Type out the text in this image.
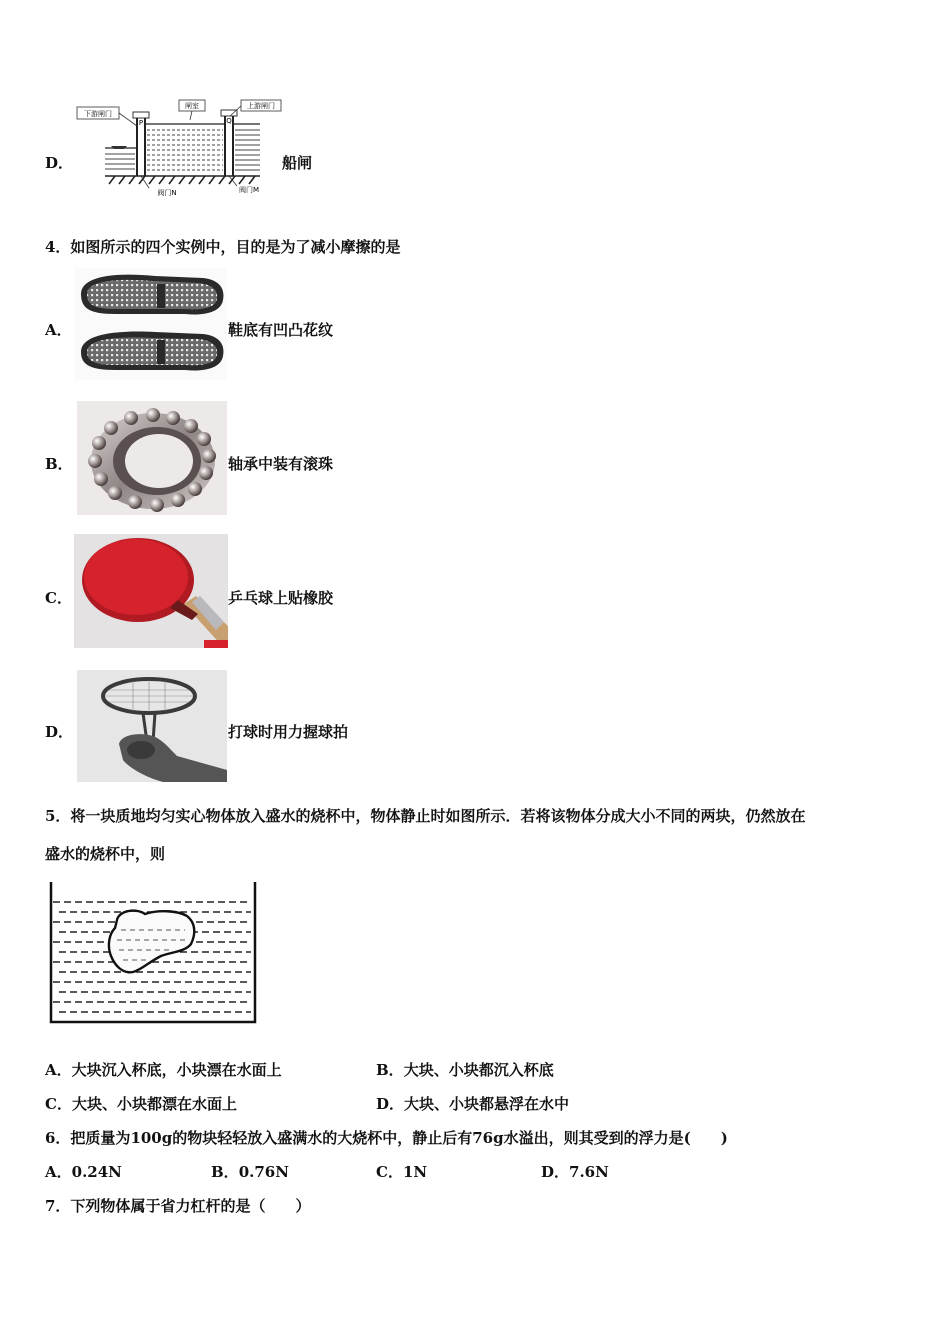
D．
下游闸门
闸室	上游闸门
P	Q
阀门N	阀门M
船闸
4．如图所示的四个实例中，目的是为了减小摩擦的是
A．	鞋底有凹凸花纹
B．	轴承中装有滚珠
C．	乒乓球上贴橡胶
D．	打球时用力握球拍
5．将一块质地均匀实心物体放入盛水的烧杯中，物体静止时如图所示．若将该物体分成大小不同的两块，仍然放在
盛水的烧杯中，则
A．大块沉入杯底，小块漂在水面上	B．大块、小块都沉入杯底
C．大块、小块都漂在水面上	D．大块、小块都悬浮在水中
6．把质量为100g的物块轻轻放入盛满水的大烧杯中，静止后有76g水溢出，则其受到的浮力是(　　)
A．0.24N	B．0.76N	C．1N	D．7.6N
7．下列物体属于省力杠杆的是（　　）
